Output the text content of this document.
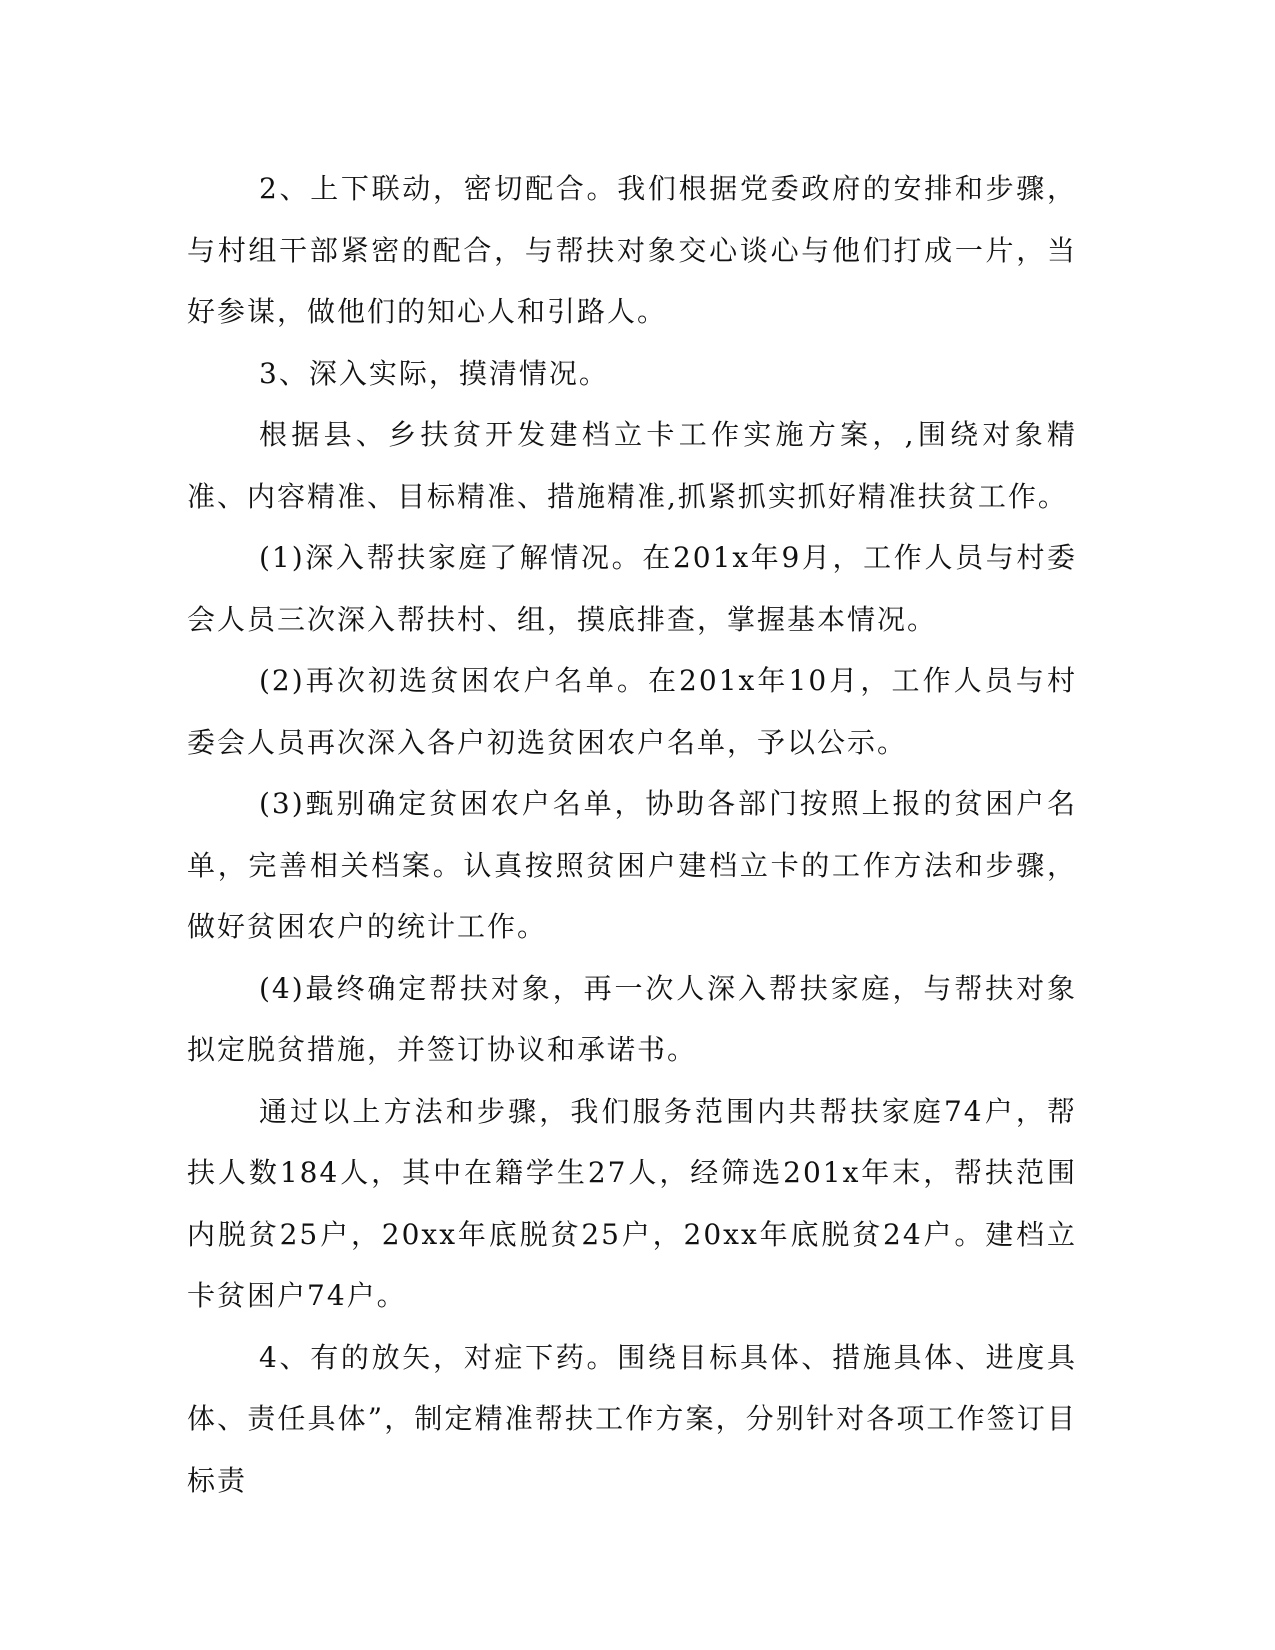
2、上下联动，密切配合。我们根据党委政府的安排和步骤，与村组干部紧密的配合，与帮扶对象交心谈心与他们打成一片，当好参谋，做他们的知心人和引路人。

3、深入实际，摸清情况。

根据县、乡扶贫开发建档立卡工作实施方案，,围绕对象精准、内容精准、目标精准、措施精准,抓紧抓实抓好精准扶贫工作。

(1)深入帮扶家庭了解情况。在201x年9月，工作人员与村委会人员三次深入帮扶村、组，摸底排查，掌握基本情况。

(2)再次初选贫困农户名单。在201x年10月，工作人员与村委会人员再次深入各户初选贫困农户名单，予以公示。

(3)甄别确定贫困农户名单，协助各部门按照上报的贫困户名单，完善相关档案。认真按照贫困户建档立卡的工作方法和步骤，做好贫困农户的统计工作。

(4)最终确定帮扶对象，再一次人深入帮扶家庭，与帮扶对象拟定脱贫措施，并签订协议和承诺书。

通过以上方法和步骤，我们服务范围内共帮扶家庭74户，帮扶人数184人，其中在籍学生27人，经筛选201x年末，帮扶范围内脱贫25户，20xx年底脱贫25户，20xx年底脱贫24户。建档立卡贫困户74户。

4、有的放矢，对症下药。围绕目标具体、措施具体、进度具体、责任具体”，制定精准帮扶工作方案，分别针对各项工作签订目标责
